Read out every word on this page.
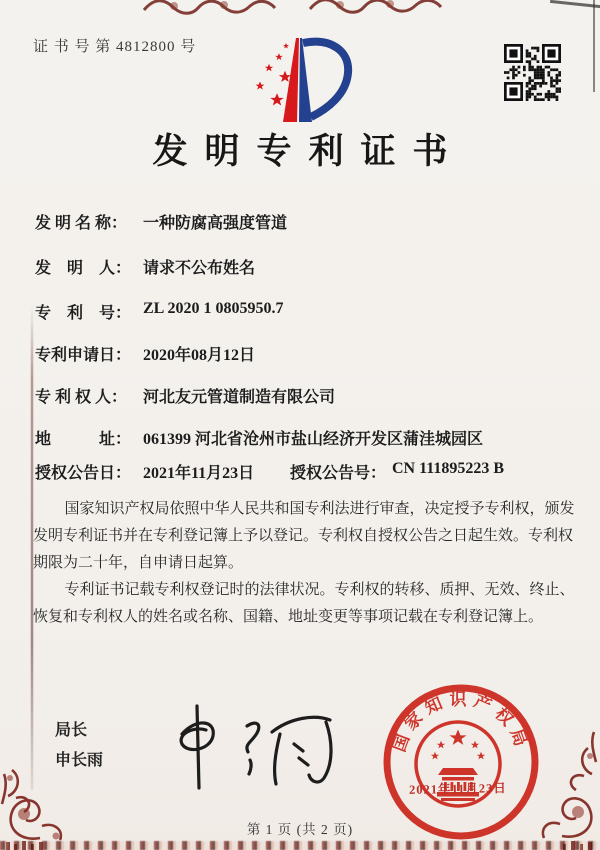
证 书 号 第 4812800 号
发明专利证书
发 明 名 称： 一种防腐高强度管道
发　明　人： 请求不公布姓名
专　利　号： ZL 2020 1 0805950.7
专利申请日： 2020年08月12日
专 利 权 人： 河北友元管道制造有限公司
地　　　址： 061399 河北省沧州市盐山经济开发区蒲洼城园区
授权公告日： 2021年11月23日 授权公告号： CN 111895223 B

国家知识产权局依照中华人民共和国专利法进行审查，决定授予专利权，颁发发明专利证书并在专利登记簿上予以登记。专利权自授权公告之日起生效。专利权期限为二十年，自申请日起算。

专利证书记载专利权登记时的法律状况。专利权的转移、质押、无效、终止、恢复和专利权人的姓名或名称、国籍、地址变更等事项记载在专利登记簿上。

局长
申长雨
国家知识产权局
2021年11月23日
第 1 页 (共 2 页)
